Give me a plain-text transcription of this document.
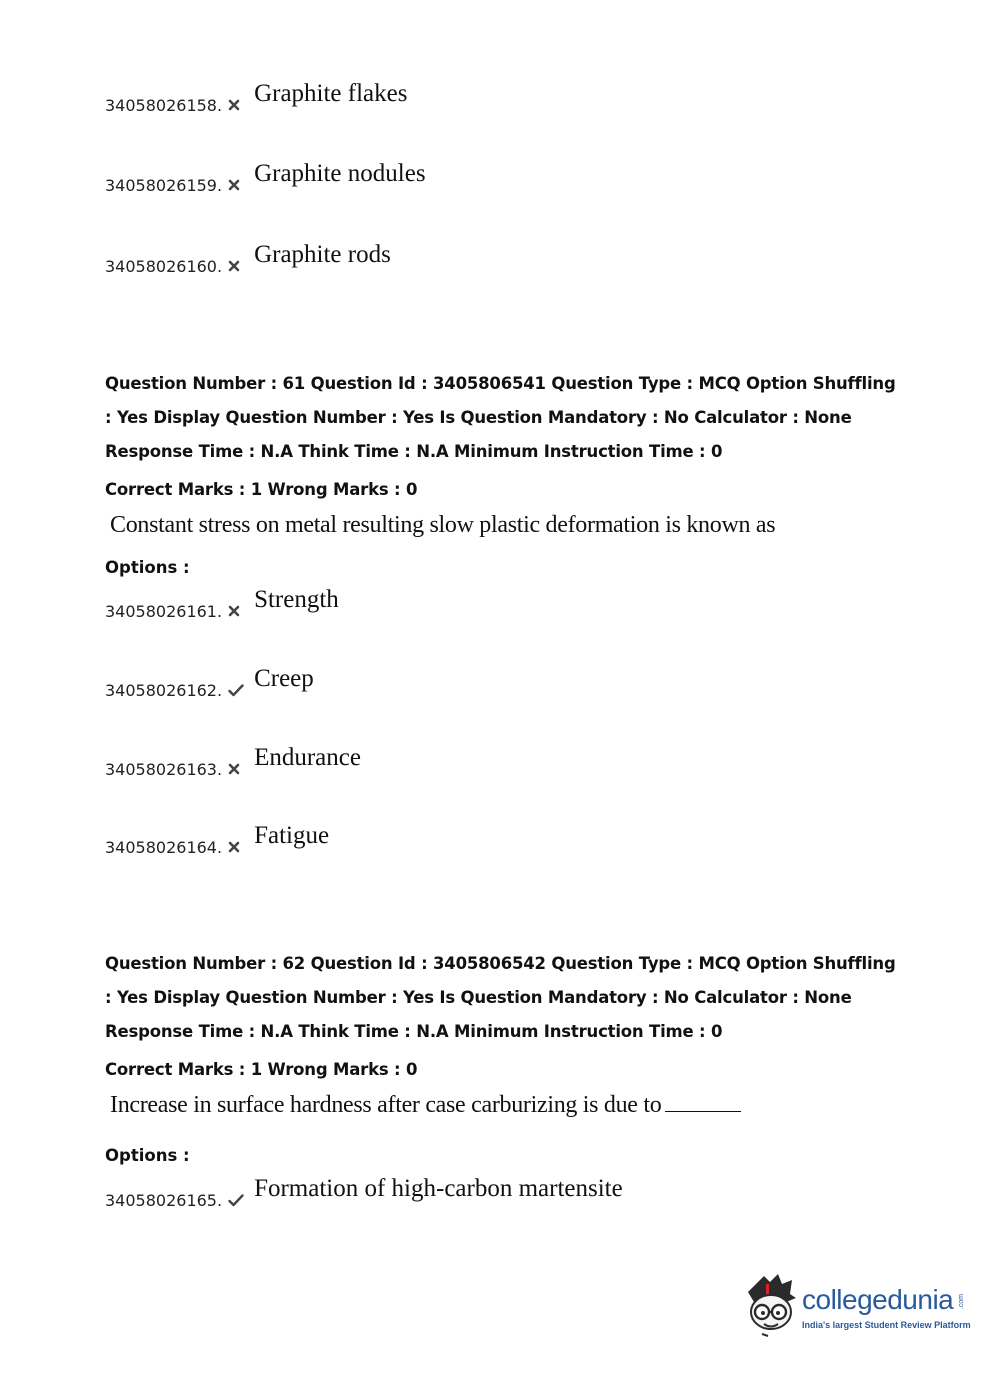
34058026158. Graphite flakes
34058026159. Graphite nodules
34058026160. Graphite rods
Question Number : 61 Question Id : 3405806541 Question Type : MCQ Option Shuffling : Yes Display Question Number : Yes Is Question Mandatory : No Calculator : None Response Time : N.A Think Time : N.A Minimum Instruction Time : 0
Correct Marks : 1 Wrong Marks : 0
Constant stress on metal resulting slow plastic deformation is known as
Options :
34058026161. Strength
34058026162. Creep
34058026163. Endurance
34058026164. Fatigue
Question Number : 62 Question Id : 3405806542 Question Type : MCQ Option Shuffling : Yes Display Question Number : Yes Is Question Mandatory : No Calculator : None Response Time : N.A Think Time : N.A Minimum Instruction Time : 0
Correct Marks : 1 Wrong Marks : 0
Increase in surface hardness after case carburizing is due to
Options :
34058026165. Formation of high-carbon martensite
collegedunia .com
India's largest Student Review Platform
